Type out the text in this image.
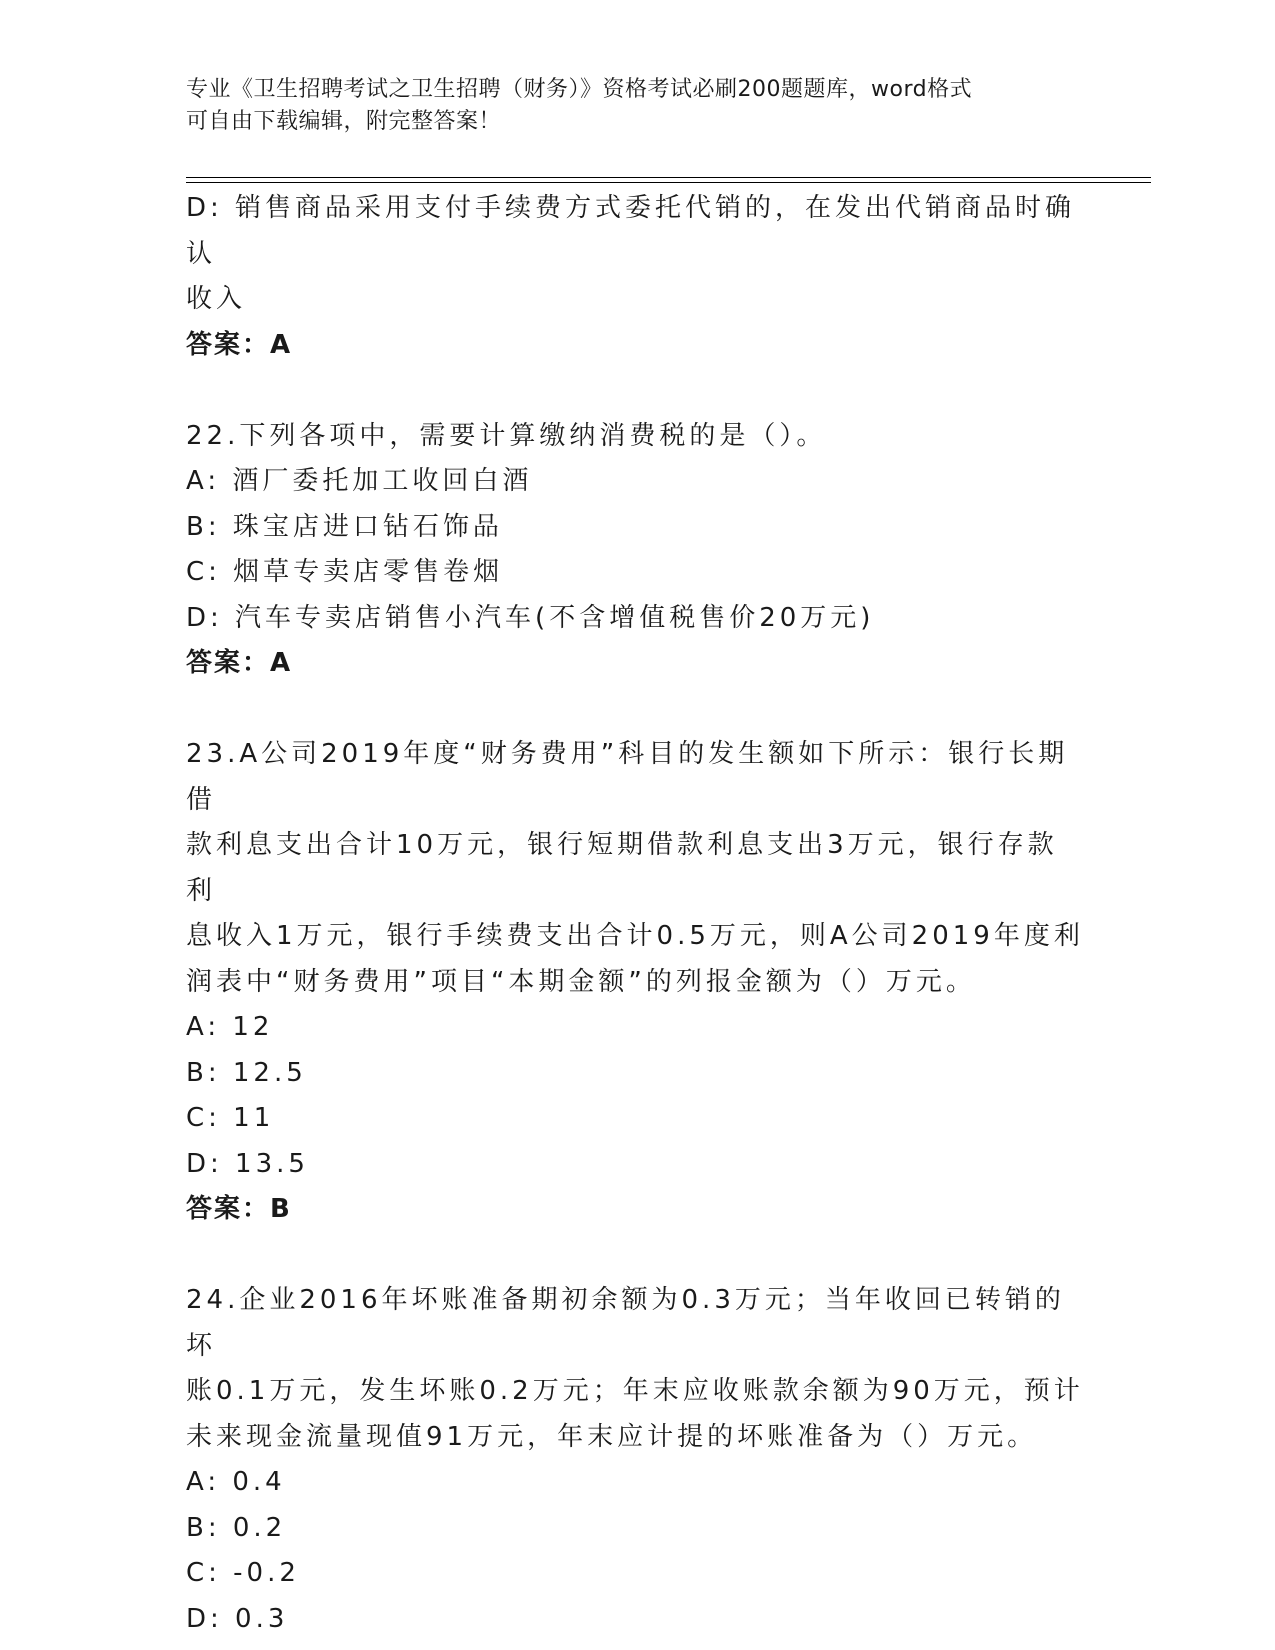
专业《卫生招聘考试之卫生招聘（财务）》资格考试必刷200题题库，word格式
可自由下载编辑，附完整答案！
D: 销售商品采用支付手续费方式委托代销的，在发出代销商品时确认
收入
答案：A
22.下列各项中，需要计算缴纳消费税的是（）。
A: 酒厂委托加工收回白酒
B: 珠宝店进口钻石饰品
C: 烟草专卖店零售卷烟
D: 汽车专卖店销售小汽车(不含增值税售价20万元)
答案：A
23.A公司2019年度“财务费用”科目的发生额如下所示：银行长期借
款利息支出合计10万元，银行短期借款利息支出3万元，银行存款利
息收入1万元，银行手续费支出合计0.5万元，则A公司2019年度利
润表中“财务费用”项目“本期金额”的列报金额为（）万元。
A: 12
B: 12.5
C: 11
D: 13.5
答案：B
24.企业2016年坏账准备期初余额为0.3万元；当年收回已转销的坏
账0.1万元，发生坏账0.2万元；年末应收账款余额为90万元，预计
未来现金流量现值91万元，年末应计提的坏账准备为（）万元。
A: 0.4
B: 0.2
C: -0.2
D: 0.3
